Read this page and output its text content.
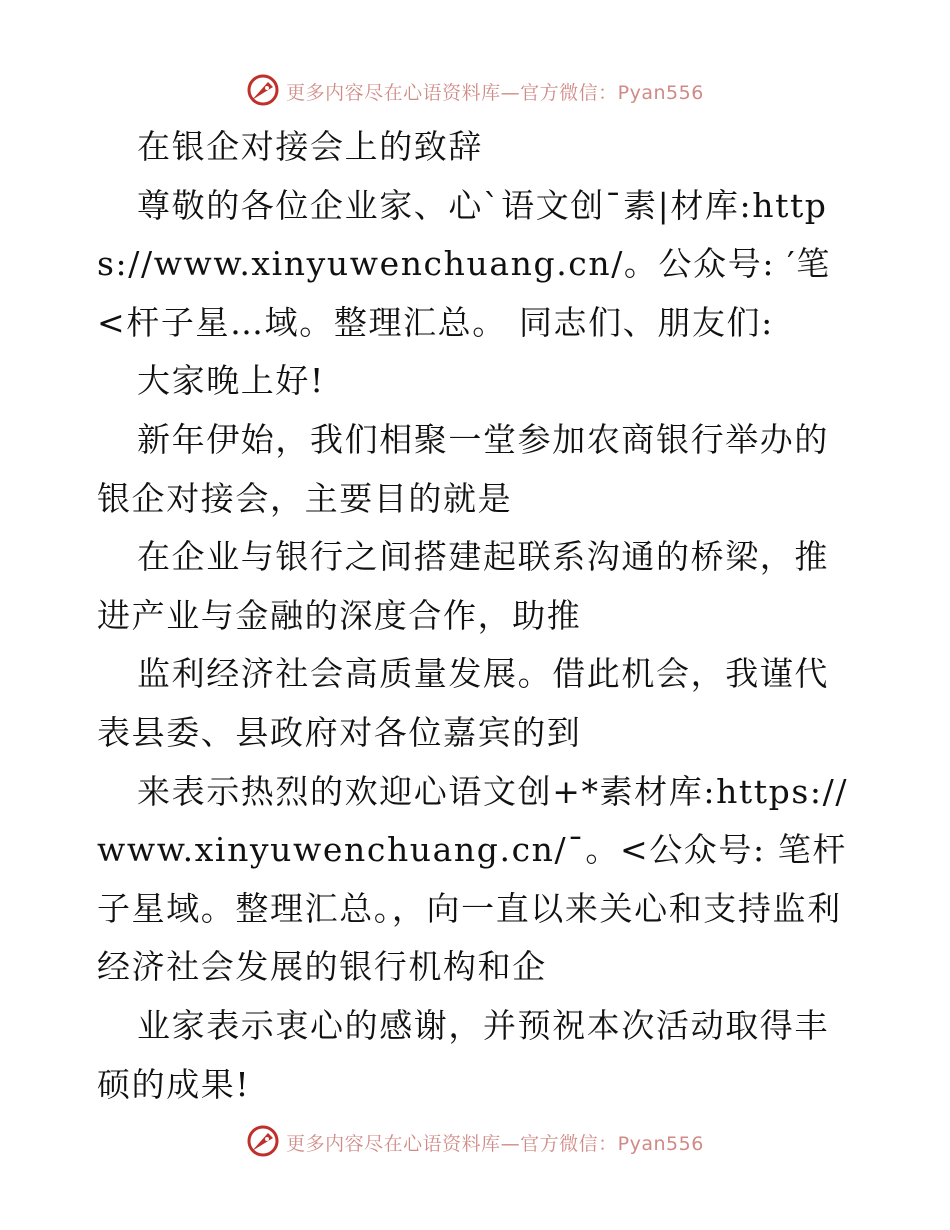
更多内容尽在心语资料库—官方微信：Pyan556

在银企对接会上的致辞

尊敬的各位企业家、心`语文创¯素|材库:https://www.xinyuwenchuang.cn/。公众号: ′笔<杆子星…域。整理汇总。 同志们、朋友们:

大家晚上好!

新年伊始，我们相聚一堂参加农商银行举办的银企对接会，主要目的就是

在企业与银行之间搭建起联系沟通的桥梁，推进产业与金融的深度合作，助推

监利经济社会高质量发展。借此机会，我谨代表县委、县政府对各位嘉宾的到

来表示热烈的欢迎心语文创+*素材库:https://www.xinyuwenchuang.cn/¯。<公众号: 笔杆子星域。整理汇总。，向一直以来关心和支持监利经济社会发展的银行机构和企

业家表示衷心的感谢，并预祝本次活动取得丰硕的成果!

更多内容尽在心语资料库—官方微信：Pyan556
